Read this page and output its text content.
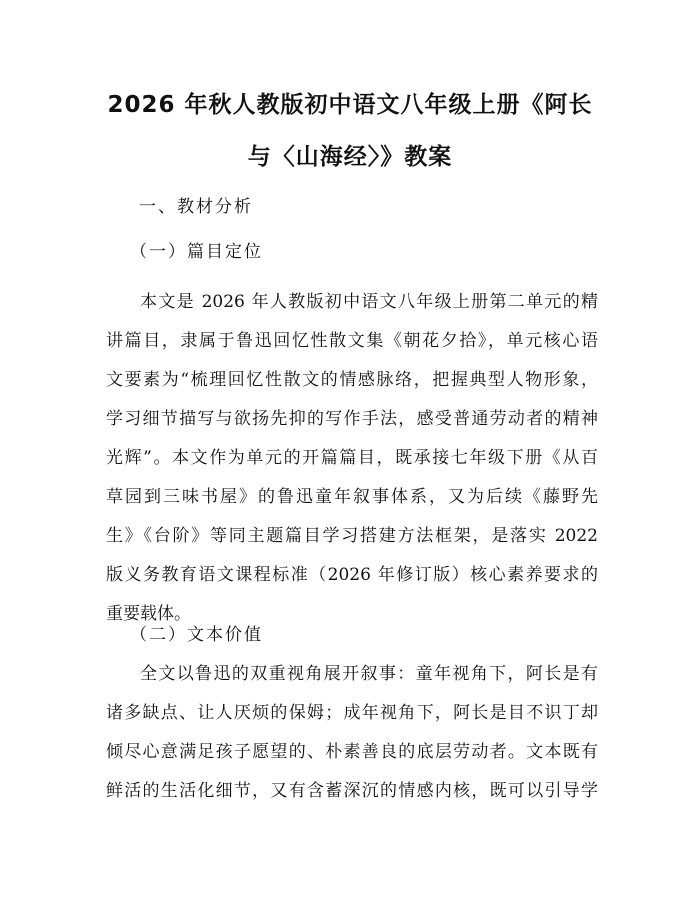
2026 年秋人教版初中语文八年级上册《阿长
与〈山海经〉》教案
一、教材分析
（一）篇目定位
本文是 2026 年人教版初中语文八年级上册第二单元的精
讲篇目，隶属于鲁迅回忆性散文集《朝花夕拾》，单元核心语
文要素为“梳理回忆性散文的情感脉络，把握典型人物形象，
学习细节描写与欲扬先抑的写作手法，感受普通劳动者的精神
光辉”。本文作为单元的开篇篇目，既承接七年级下册《从百
草园到三味书屋》的鲁迅童年叙事体系，又为后续《藤野先
生》《台阶》等同主题篇目学习搭建方法框架，是落实 2022
版义务教育语文课程标准（2026 年修订版）核心素养要求的
重要载体。
（二）文本价值
全文以鲁迅的双重视角展开叙事：童年视角下，阿长是有
诸多缺点、让人厌烦的保姆；成年视角下，阿长是目不识丁却
倾尽心意满足孩子愿望的、朴素善良的底层劳动者。文本既有
鲜活的生活化细节，又有含蓄深沉的情感内核，既可以引导学
